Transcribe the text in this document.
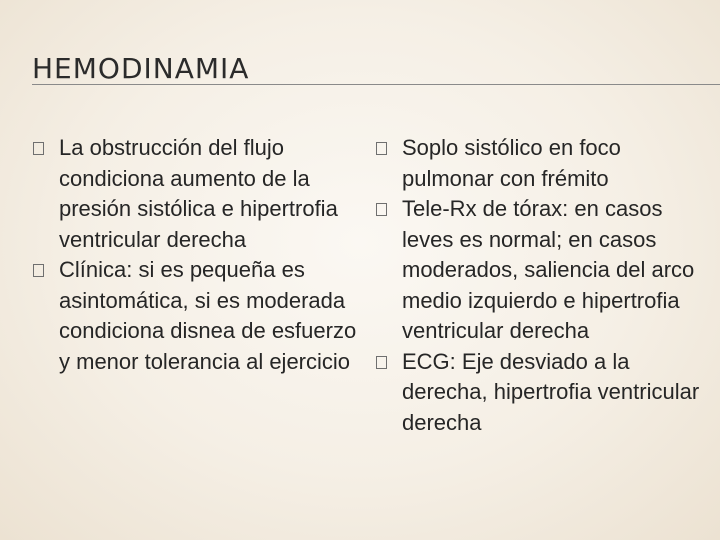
HEMODINAMIA
La obstrucción del flujo condiciona aumento de la presión sistólica e hipertrofia ventricular derecha
Clínica: si es pequeña es asintomática, si es moderada condiciona disnea de esfuerzo y menor tolerancia al ejercicio
Soplo sistólico en foco pulmonar con frémito
Tele-Rx de tórax: en casos leves es normal; en casos moderados, saliencia del arco medio izquierdo e hipertrofia ventricular derecha
ECG: Eje desviado a la derecha, hipertrofia ventricular derecha
